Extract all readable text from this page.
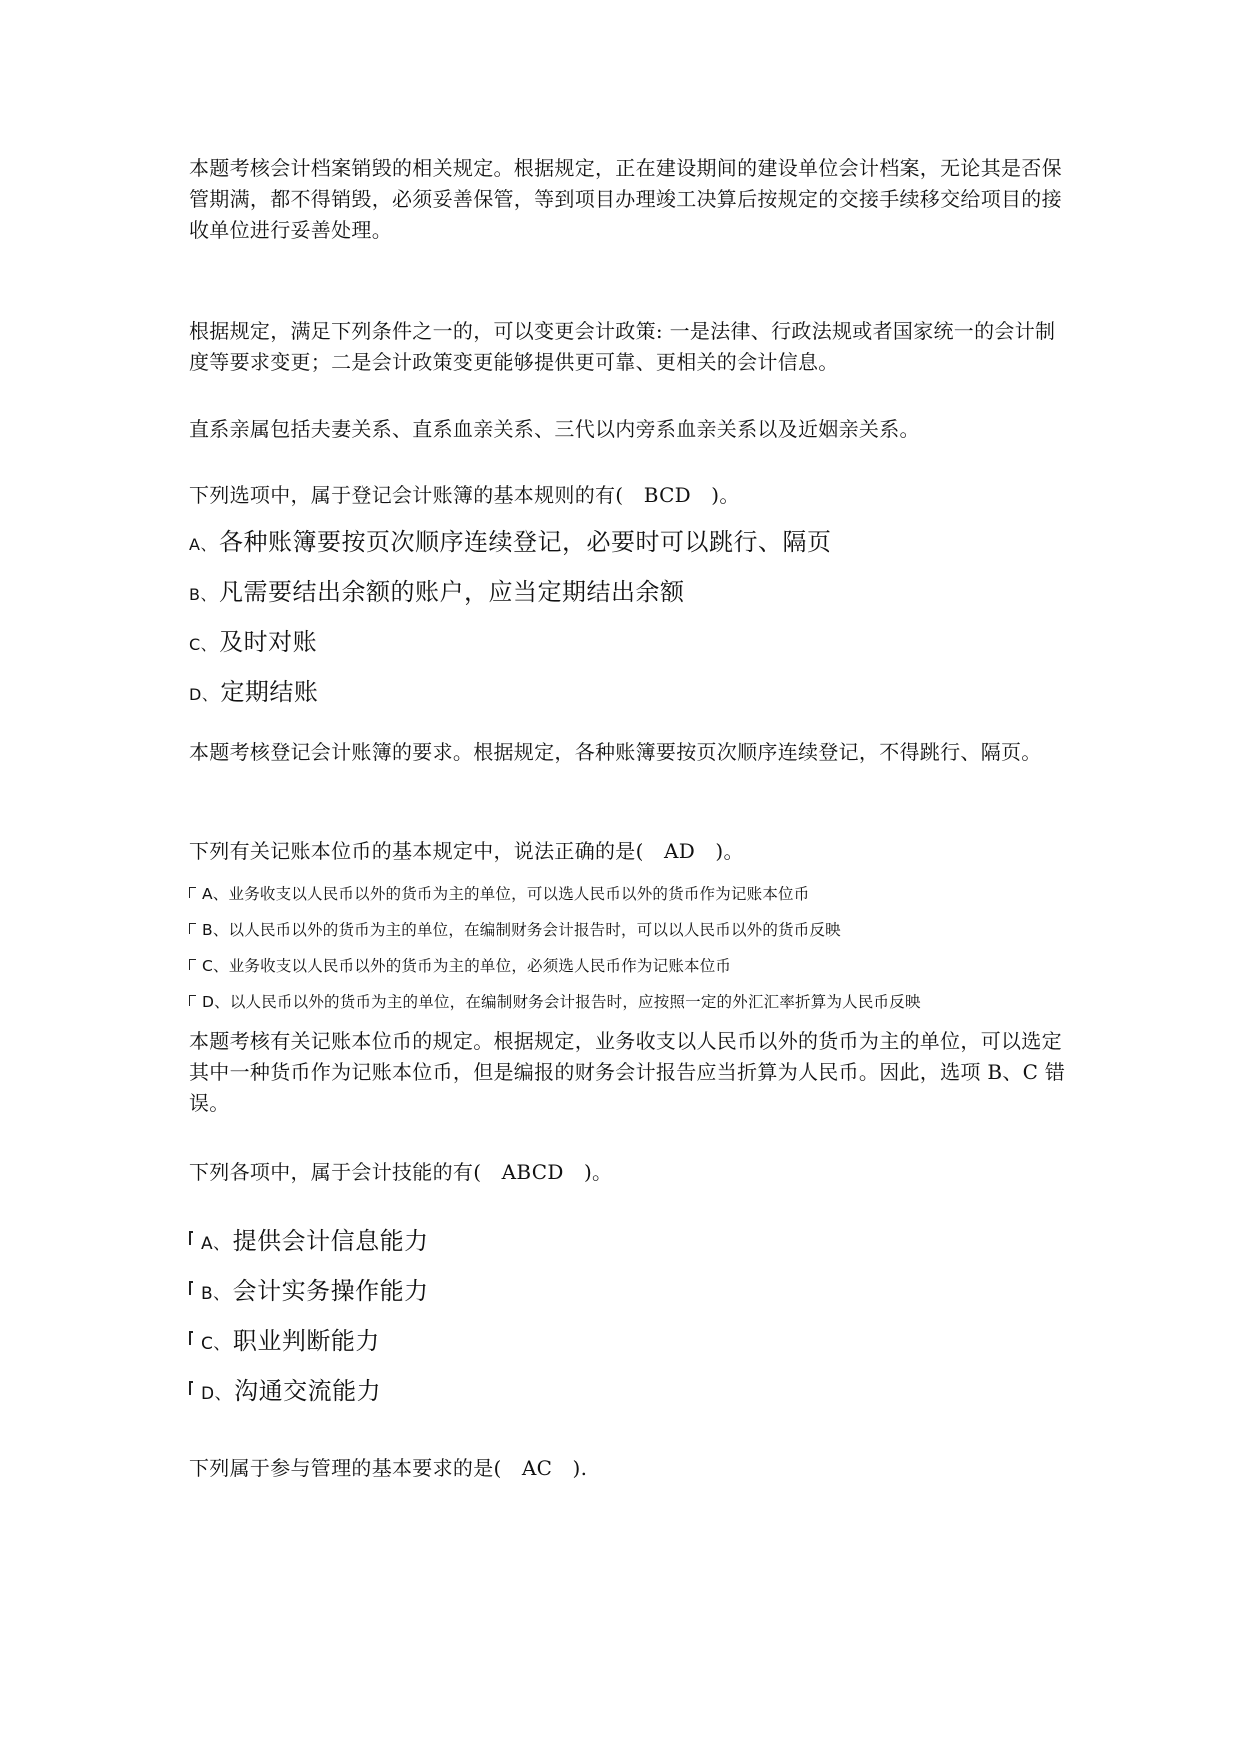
本题考核会计档案销毁的相关规定。根据规定，正在建设期间的建设单位会计档案，无论其是否保管期满，都不得销毁，必须妥善保管，等到项目办理竣工决算后按规定的交接手续移交给项目的接收单位进行妥善处理。

根据规定，满足下列条件之一的，可以变更会计政策: 一是法律、行政法规或者国家统一的会计制度等要求变更；二是会计政策变更能够提供更可靠、更相关的会计信息。

直系亲属包括夫妻关系、直系血亲关系、三代以内旁系血亲关系以及近姻亲关系。

下列选项中，属于登记会计账簿的基本规则的有(　BCD　)。

A、各种账簿要按页次顺序连续登记，必要时可以跳行、隔页
B、凡需要结出余额的账户，应当定期结出余额
C、及时对账
D、定期结账

本题考核登记会计账簿的要求。根据规定，各种账簿要按页次顺序连续登记，不得跳行、隔页。

下列有关记账本位币的基本规定中，说法正确的是(　AD　)。

A、业务收支以人民币以外的货币为主的单位，可以选人民币以外的货币作为记账本位币
B、以人民币以外的货币为主的单位，在编制财务会计报告时，可以以人民币以外的货币反映
C、业务收支以人民币以外的货币为主的单位，必须选人民币作为记账本位币
D、以人民币以外的货币为主的单位，在编制财务会计报告时，应按照一定的外汇汇率折算为人民币反映

本题考核有关记账本位币的规定。根据规定，业务收支以人民币以外的货币为主的单位，可以选定其中一种货币作为记账本位币，但是编报的财务会计报告应当折算为人民币。因此，选项 B、C 错误。

下列各项中，属于会计技能的有(　ABCD　)。

A、提供会计信息能力
B、会计实务操作能力
C、职业判断能力
D、沟通交流能力

下列属于参与管理的基本要求的是(　AC　).
